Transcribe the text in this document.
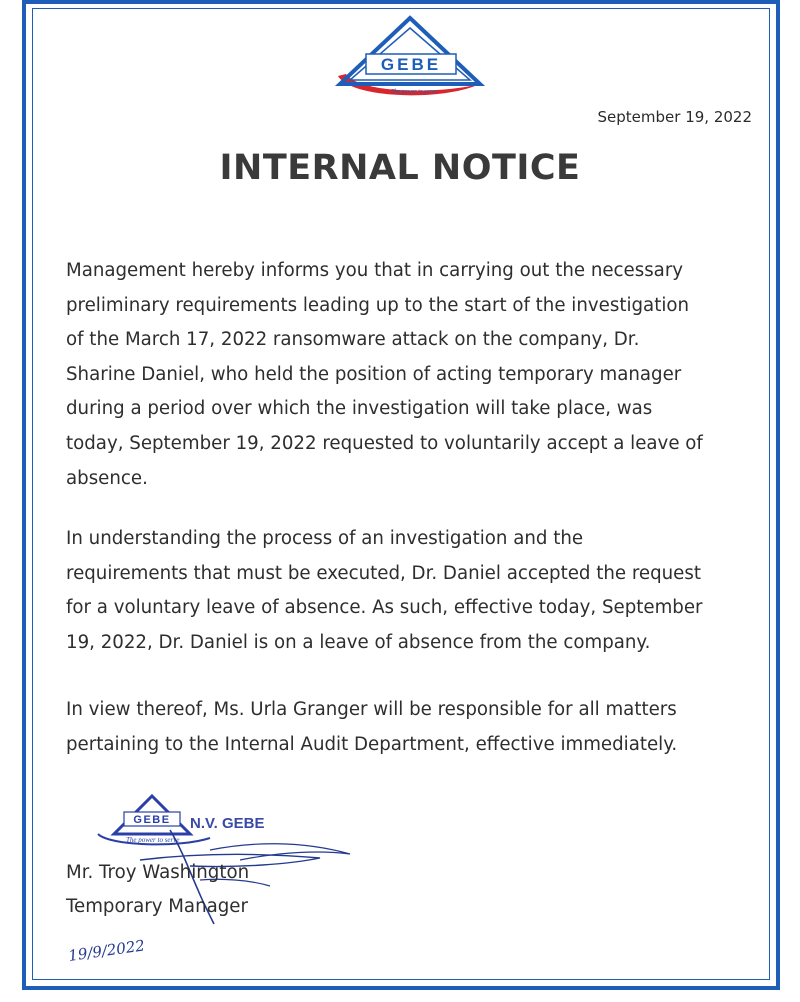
GEBE
The power to serve
September 19, 2022
INTERNAL NOTICE
Management hereby informs you that in carrying out the necessary
preliminary requirements leading up to the start of the investigation
of the March 17, 2022 ransomware attack on the company, Dr.
Sharine Daniel, who held the position of acting temporary manager
during a period over which the investigation will take place, was
today, September 19, 2022 requested to voluntarily accept a leave of
absence.
In understanding the process of an investigation and the
requirements that must be executed, Dr. Daniel accepted the request
for a voluntary leave of absence. As such, effective today, September
19, 2022, Dr. Daniel is on a leave of absence from the company.
In view thereof, Ms. Urla Granger will be responsible for all matters
pertaining to the Internal Audit Department, effective immediately.
GEBE
The power to serve
N.V. GEBE
Mr. Troy Washington
Temporary Manager
19/9/2022
